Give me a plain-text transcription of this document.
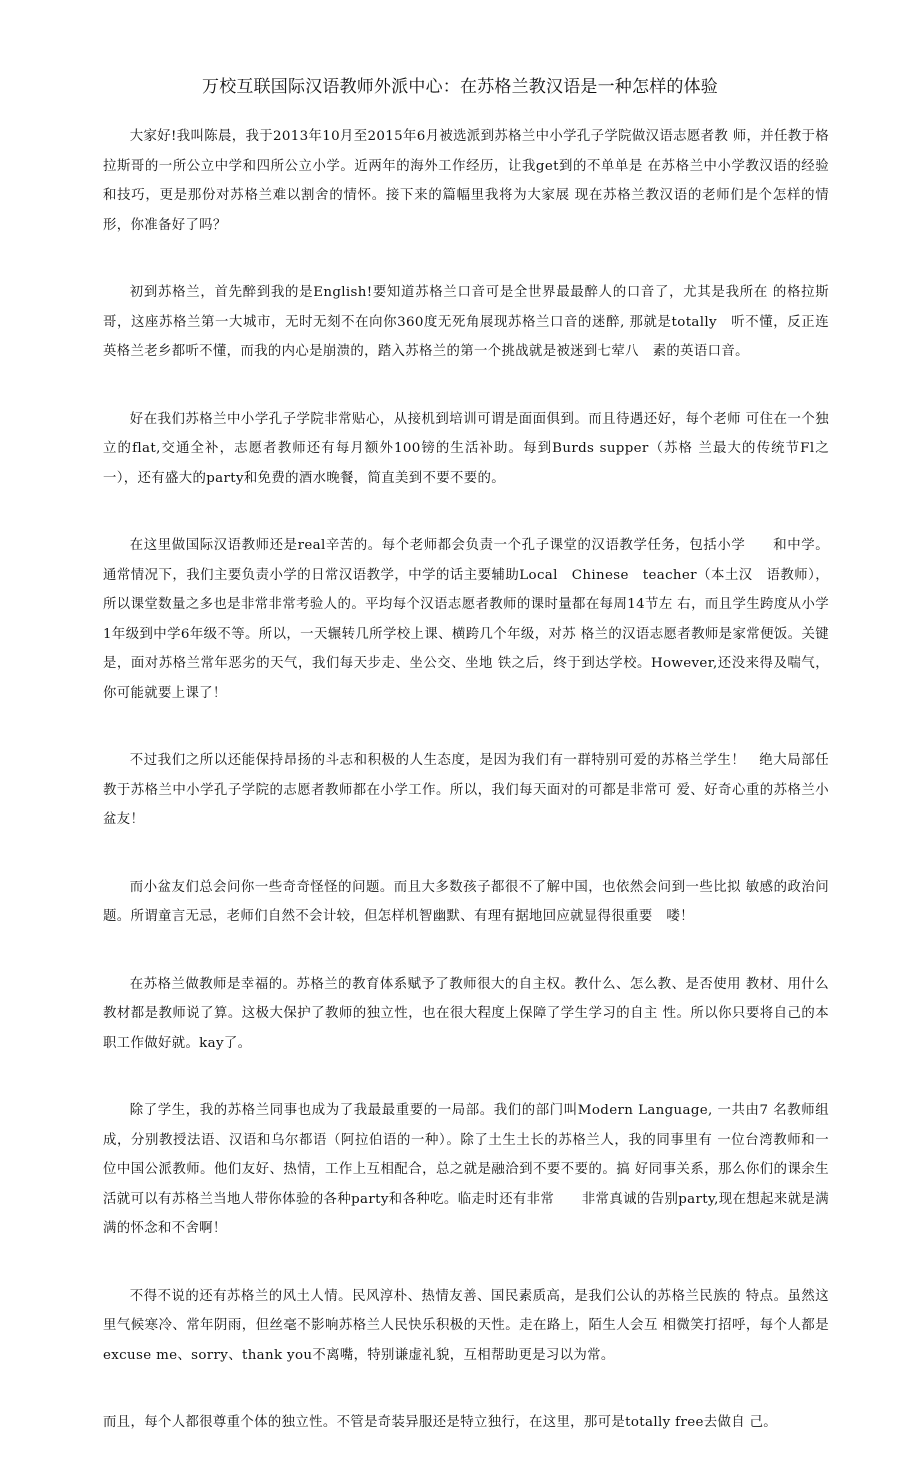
万校互联国际汉语教师外派中心：在苏格兰教汉语是一种怎样的体验

大家好!我叫陈晨，我于2013年10月至2015年6月被选派到苏格兰中小学孔子学院做汉语志愿者教 师，并任教于格拉斯哥的一所公立中学和四所公立小学。近两年的海外工作经历，让我get到的不单单是 在苏格兰中小学教汉语的经验和技巧，更是那份对苏格兰难以割舍的情怀。接下来的篇幅里我将为大家展 现在苏格兰教汉语的老师们是个怎样的情形，你准备好了吗？

初到苏格兰，首先醉到我的是English!要知道苏格兰口音可是全世界最最醉人的口音了，尤其是我所在 的格拉斯哥，这座苏格兰第一大城市，无时无刻不在向你360度无死角展现苏格兰口音的迷醉, 那就是totally　听不懂，反正连英格兰老乡都听不懂，而我的内心是崩溃的，踏入苏格兰的第一个挑战就是被迷到七荤八　素的英语口音。

好在我们苏格兰中小学孔子学院非常贴心，从接机到培训可谓是面面俱到。而且待遇还好，每个老师 可住在一个独立的flat,交通全补，志愿者教师还有每月额外100镑的生活补助。每到Burds supper（苏格 兰最大的传统节Fl之一），还有盛大的party和免费的酒水晚餐，简直美到不要不要的。

在这里做国际汉语教师还是real辛苦的。每个老师都会负责一个孔子课堂的汉语教学任务，包括小学　　和中学。通常情况下，我们主要负责小学的日常汉语教学，中学的话主要辅助Local　Chinese　teacher（本土汉　语教师），所以课堂数量之多也是非常非常考验人的。平均每个汉语志愿者教师的课时量都在每周14节左 右，而且学生跨度从小学1年级到中学6年级不等。所以，一天辗转几所学校上课、横跨几个年级，对苏 格兰的汉语志愿者教师是家常便饭。关键是，面对苏格兰常年恶劣的天气，我们每天步走、坐公交、坐地 铁之后，终于到达学校。However,还没来得及喘气，你可能就要上课了！

不过我们之所以还能保持昂扬的斗志和积极的人生态度，是因为我们有一群特别可爱的苏格兰学生！　绝大局部任教于苏格兰中小学孔子学院的志愿者教师都在小学工作。所以，我们每天面对的可都是非常可 爱、好奇心重的苏格兰小盆友！

而小盆友们总会问你一些奇奇怪怪的问题。而且大多数孩子都很不了解中国，也依然会问到一些比拟 敏感的政治问题。所谓童言无忌，老师们自然不会计较，但怎样机智幽默、有理有据地回应就显得很重要　喽！

在苏格兰做教师是幸福的。苏格兰的教育体系赋予了教师很大的自主权。教什么、怎么教、是否使用 教材、用什么教材都是教师说了算。这极大保护了教师的独立性，也在很大程度上保障了学生学习的自主 性。所以你只要将自己的本职工作做好就。kay了。

除了学生，我的苏格兰同事也成为了我最最重要的一局部。我们的部门叫Modern Language, 一共由7 名教师组成，分别教授法语、汉语和乌尔都语（阿拉伯语的一种）。除了土生土长的苏格兰人，我的同事里有 一位台湾教师和一位中国公派教师。他们友好、热情，工作上互相配合，总之就是融洽到不要不要的。搞 好同事关系，那么你们的课余生活就可以有苏格兰当地人带你体验的各种party和各种吃。临走时还有非常　　非常真诚的告别party,现在想起来就是满满的怀念和不舍啊！

不得不说的还有苏格兰的风土人情。民风淳朴、热情友善、国民素质高，是我们公认的苏格兰民族的 特点。虽然这里气候寒冷、常年阴雨，但丝毫不影响苏格兰人民快乐积极的天性。走在路上，陌生人会互 相微笑打招呼，每个人都是excuse me、sorry、thank you不离嘴，特别谦虚礼貌，互相帮助更是习以为常。

而且，每个人都很尊重个体的独立性。不管是奇装异服还是特立独行，在这里，那可是totally free去做自 己。
